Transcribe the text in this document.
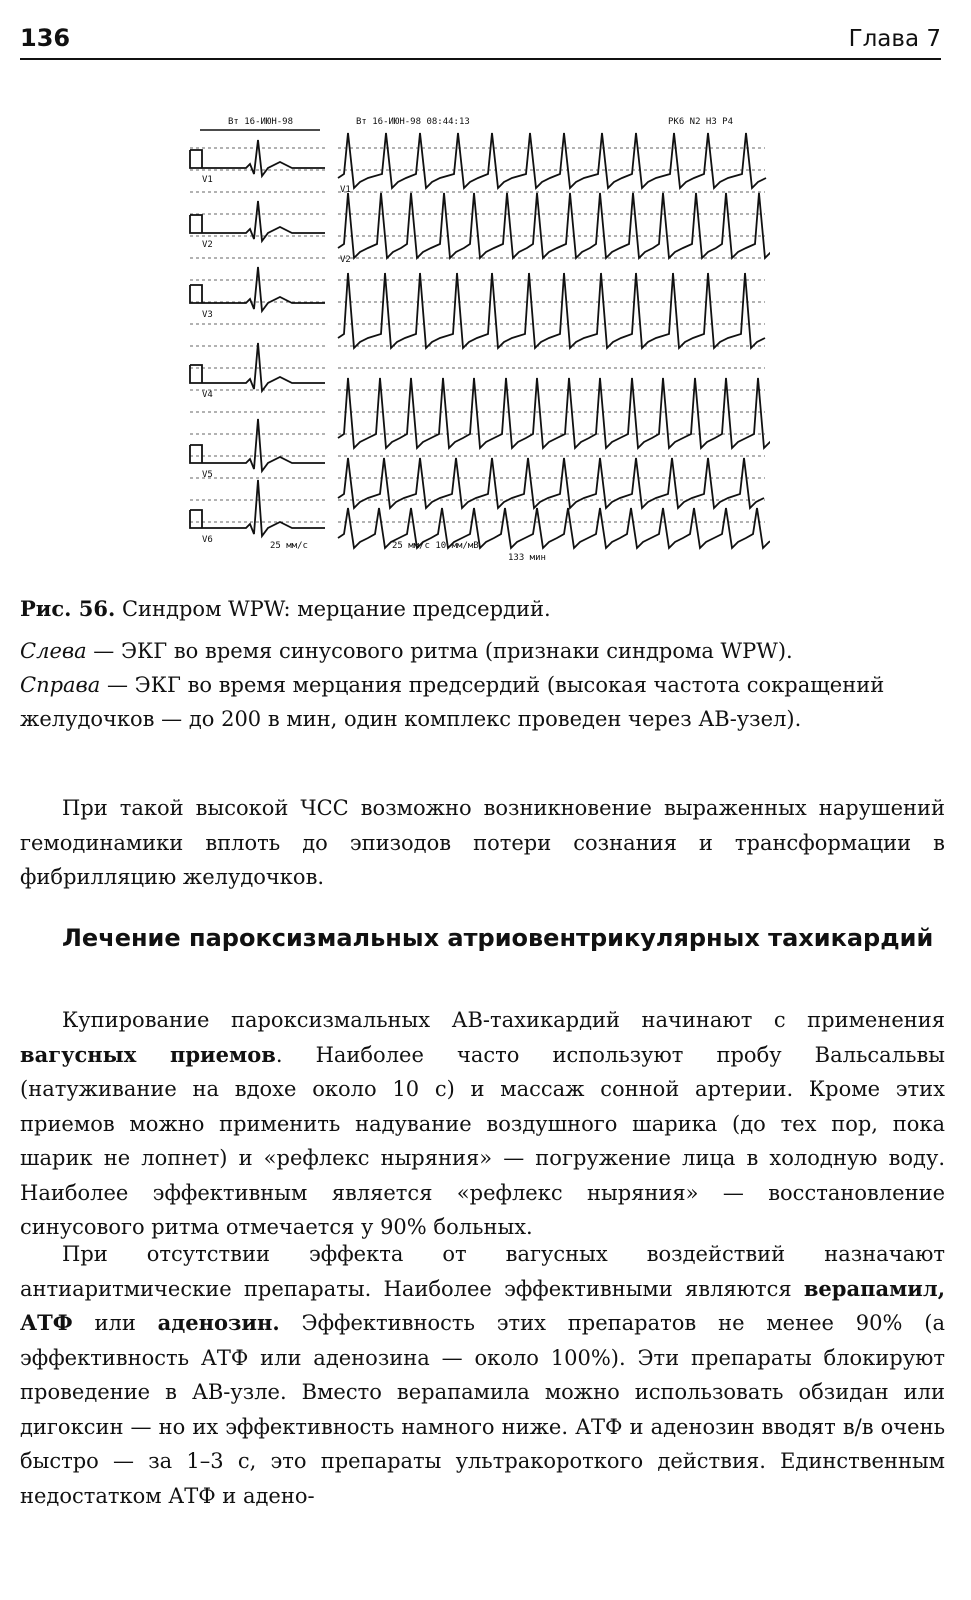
136	Глава 7
Вт 16-ИЮН-98	Вт 16-ИЮН-98 08:44:13	РК6 N2 Н3 Р4
V1
V2
V3
V4
V5
V6
V1
V2
25 мм/с	25 мм/с 10 мм/мВ
133 мин
Рис. 56. Синдром WPW: мерцание предсердий.
Слева — ЭКГ во время синусового ритма (признаки синдрома WPW).
Справа — ЭКГ во время мерцания предсердий (высокая частота сокращений желудочков — до 200 в мин, один комплекс проведен через АВ-узел).

При такой высокой ЧСС возможно возникновение выраженных нарушений гемодинамики вплоть до эпизодов потери сознания и трансформации в фибрилляцию желудочков.

Лечение пароксизмальных атриовентрикулярных тахикардий

Купирование пароксизмальных АВ-тахикардий начинают с применения вагусных приемов. Наиболее часто используют пробу Вальсальвы (натуживание на вдохе около 10 с) и массаж сонной артерии. Кроме этих приемов можно применить надувание воздушного шарика (до тех пор, пока шарик не лопнет) и «рефлекс ныряния» — погружение лица в холодную воду. Наиболее эффективным является «рефлекс ныряния» — восстановление синусового ритма отмечается у 90% больных.

При отсутствии эффекта от вагусных воздействий назначают антиаритмические препараты. Наиболее эффективными являются верапамил, АТФ или аденозин. Эффективность этих препаратов не менее 90% (а эффективность АТФ или аденозина — около 100%). Эти препараты блокируют проведение в АВ-узле. Вместо верапамила можно использовать обзидан или дигоксин — но их эффективность намного ниже. АТФ и аденозин вводят в/в очень быстро — за 1–3 с, это препараты ультракороткого действия. Единственным недостатком АТФ и адено-
